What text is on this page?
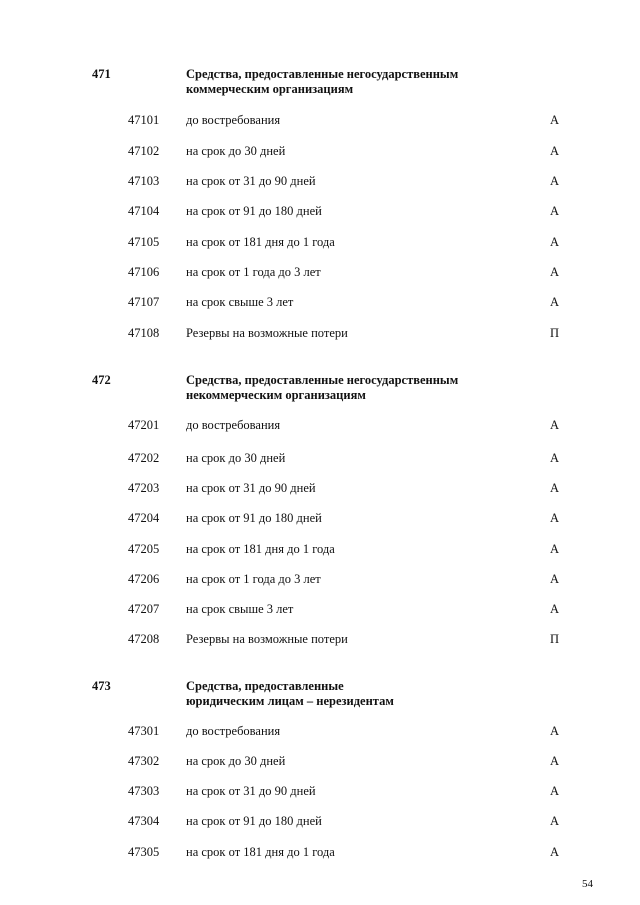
471	Средства, предоставленные негосударственным
коммерческим организациям
47101 до востребования	А
47102 на срок до 30 дней	А
47103 на срок от 31 до 90 дней	А
47104 на срок от 91 до 180 дней	А
47105 на срок от 181 дня до 1 года	А
47106 на срок от 1 года до 3 лет	А
47107 на срок свыше 3 лет	А
47108 Резервы на возможные потери	П
472	Средства, предоставленные негосударственным
некоммерческим организациям
47201 до востребования	А
47202 на срок до 30 дней	А
47203 на срок от 31 до 90 дней	А
47204 на срок от 91 до 180 дней	А
47205 на срок от 181 дня до 1 года	А
47206 на срок от 1 года до 3 лет	А
47207 на срок свыше 3 лет	А
47208 Резервы на возможные потери	П
473	Средства, предоставленные
юридическим лицам – нерезидентам
47301 до востребования	А
47302 на срок до 30 дней	А
47303 на срок от 31 до 90 дней	А
47304 на срок от 91 до 180 дней	А
47305 на срок от 181 дня до 1 года	А
54
